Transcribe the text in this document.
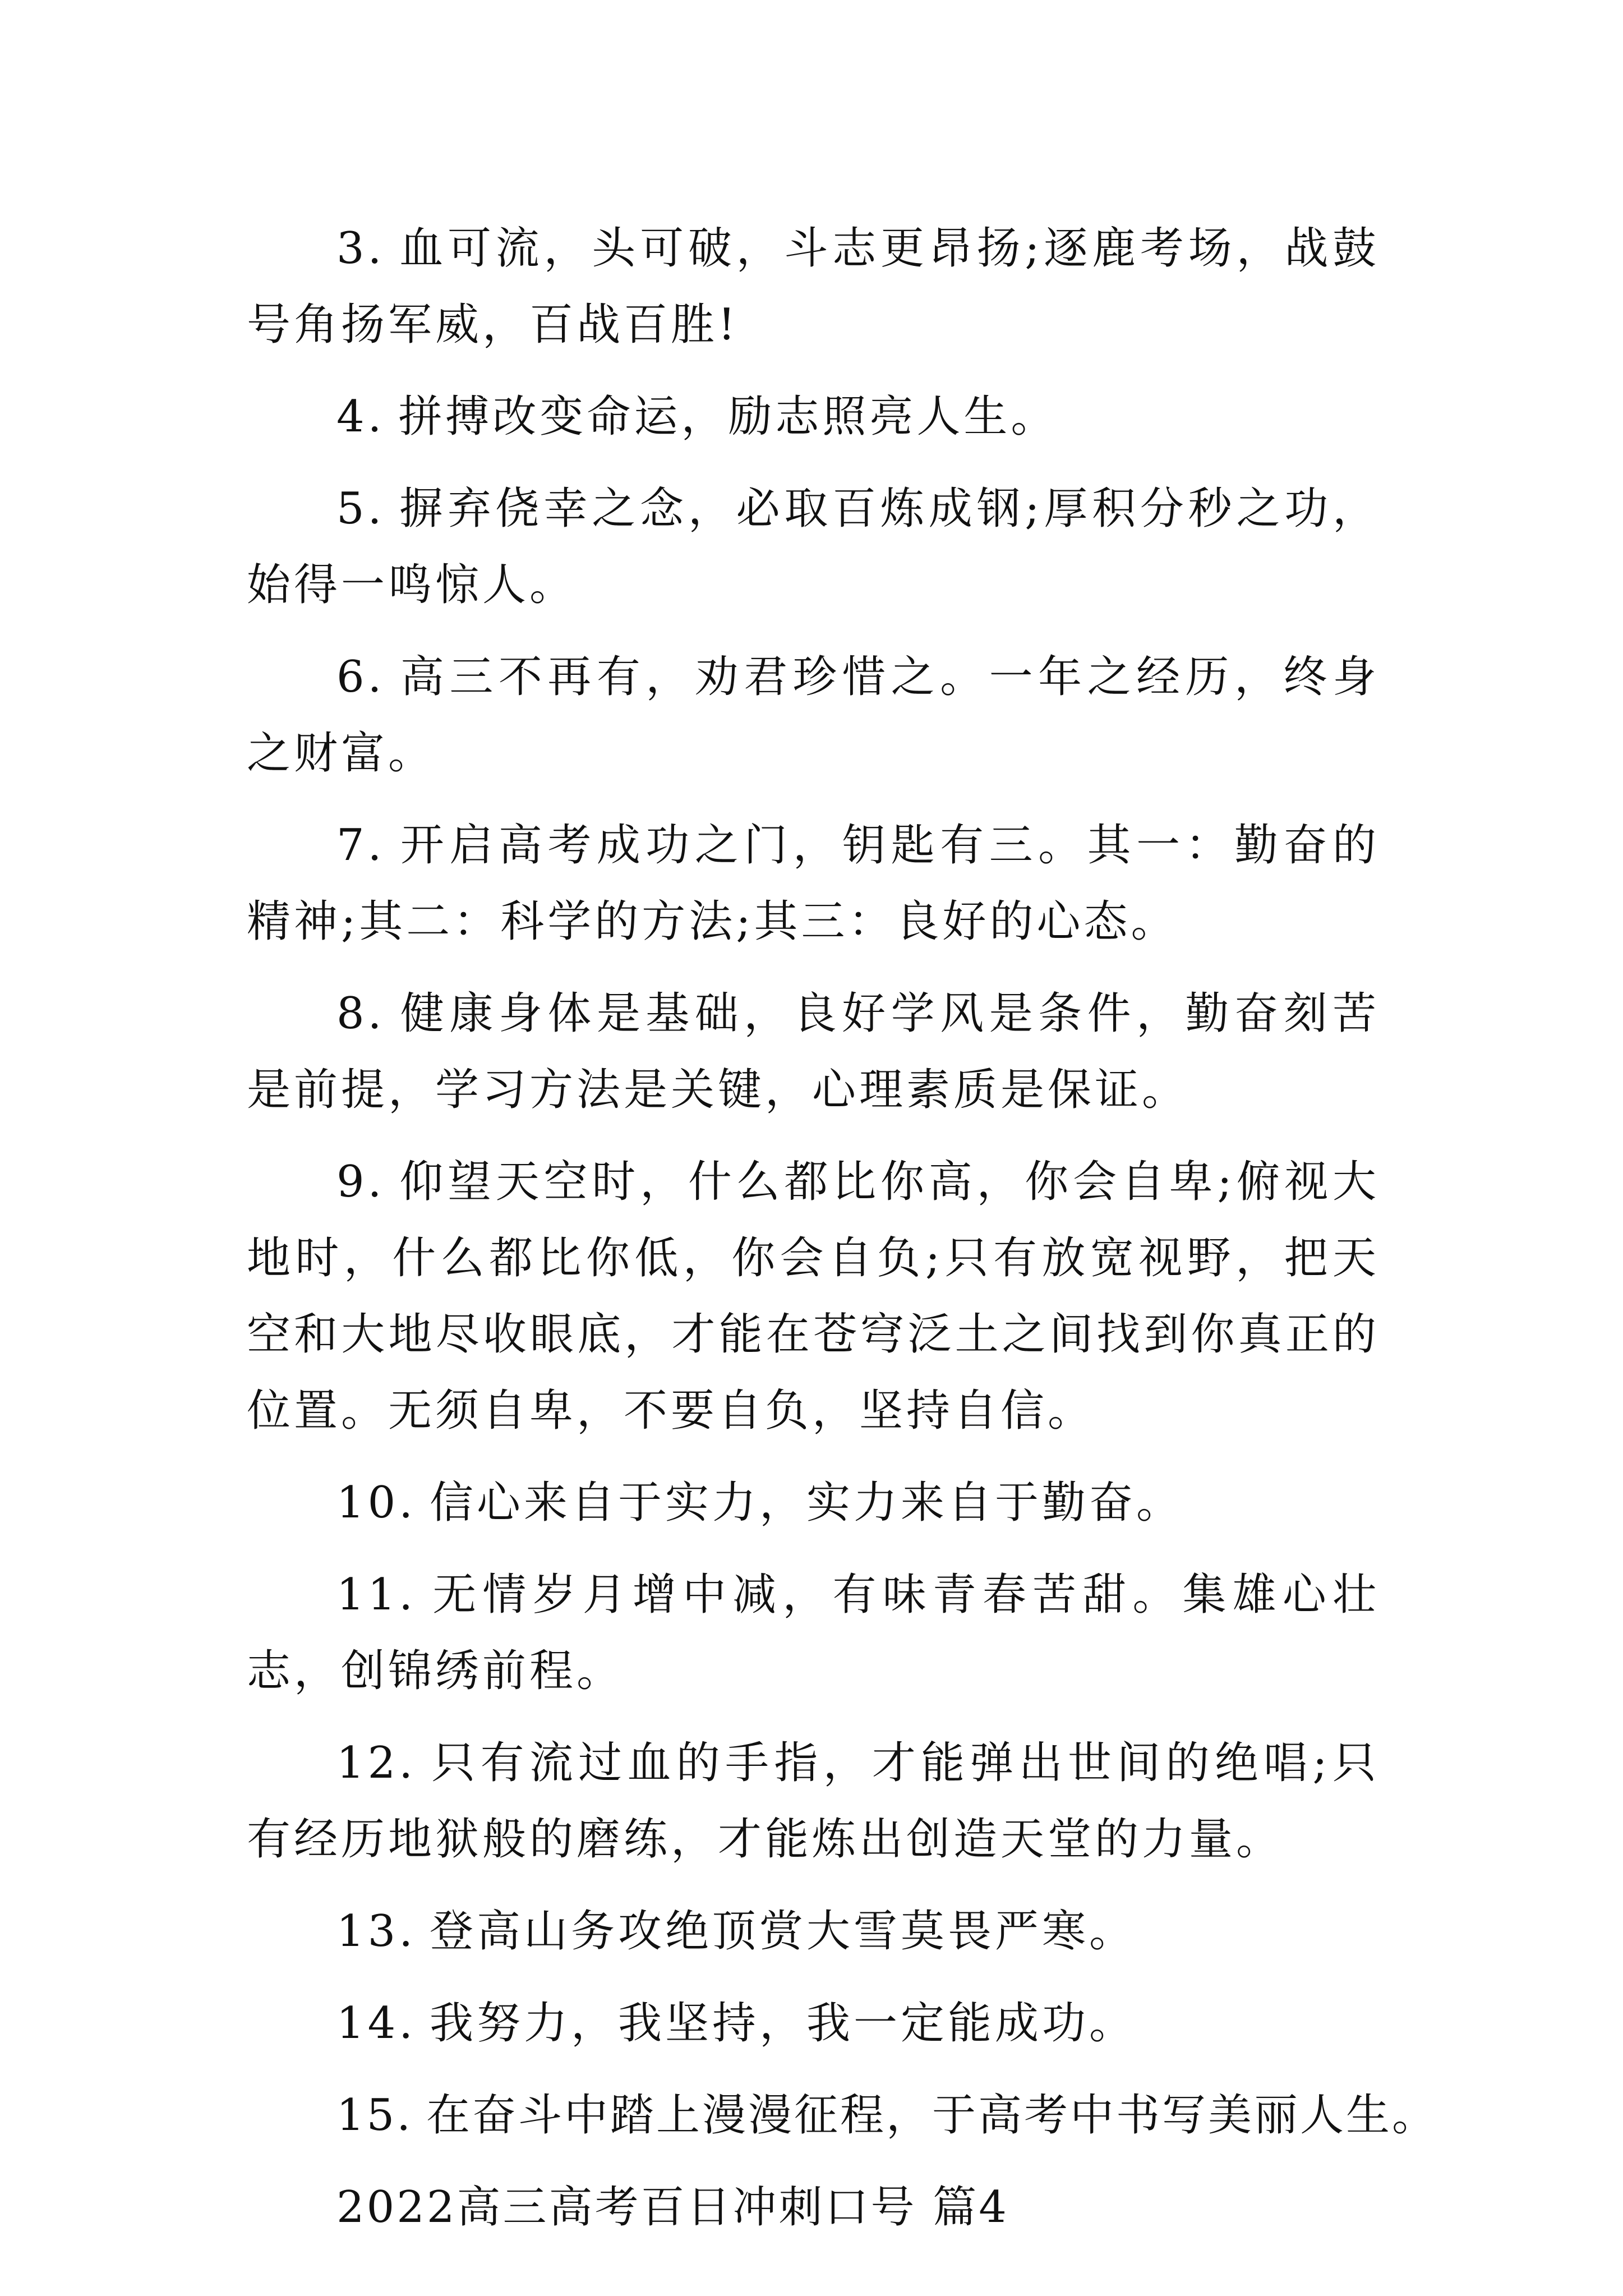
3. 血可流，头可破，斗志更昂扬;逐鹿考场，战鼓号角扬军威，百战百胜!

4. 拼搏改变命运，励志照亮人生。

5. 摒弃侥幸之念，必取百炼成钢;厚积分秒之功，始得一鸣惊人。

6. 高三不再有，劝君珍惜之。一年之经历，终身之财富。

7. 开启高考成功之门，钥匙有三。其一：勤奋的精神;其二：科学的方法;其三：良好的心态。

8. 健康身体是基础，良好学风是条件，勤奋刻苦是前提，学习方法是关键，心理素质是保证。

9. 仰望天空时，什么都比你高，你会自卑;俯视大地时，什么都比你低，你会自负;只有放宽视野，把天空和大地尽收眼底，才能在苍穹泛土之间找到你真正的位置。无须自卑，不要自负，坚持自信。

10. 信心来自于实力，实力来自于勤奋。

11. 无情岁月增中减，有味青春苦甜。集雄心壮志，创锦绣前程。

12. 只有流过血的手指，才能弹出世间的绝唱;只有经历地狱般的磨练，才能炼出创造天堂的力量。

13. 登高山务攻绝顶赏大雪莫畏严寒。

14. 我努力，我坚持，我一定能成功。

15. 在奋斗中踏上漫漫征程，于高考中书写美丽人生。

2022高三高考百日冲刺口号 篇4
